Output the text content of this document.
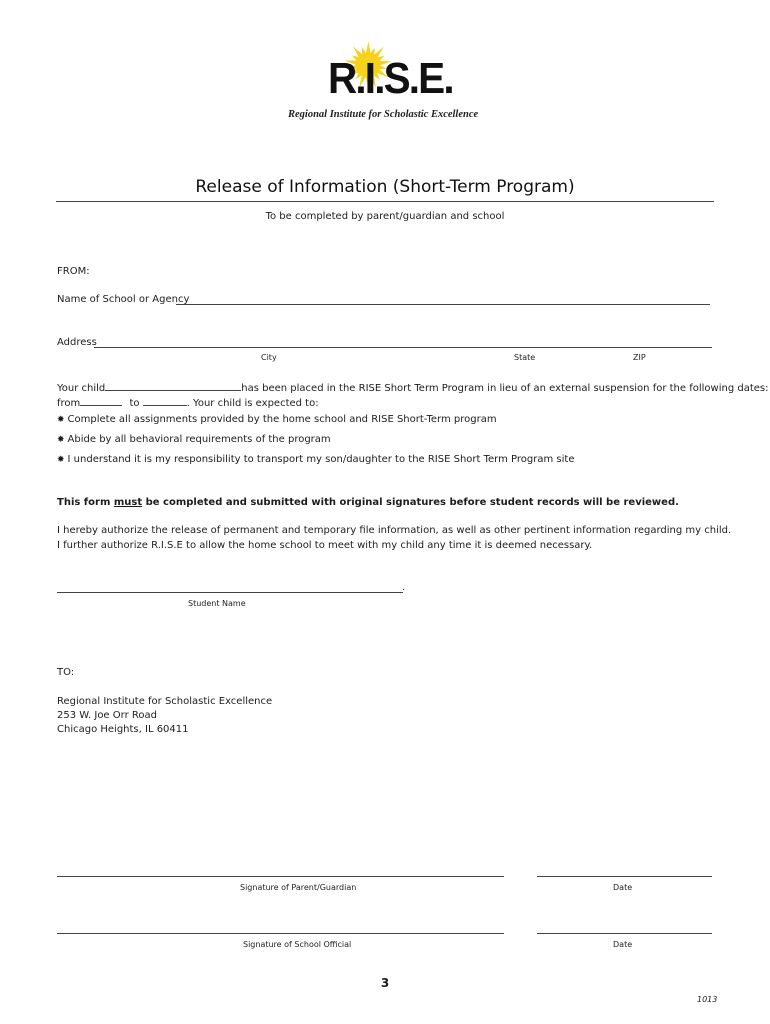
R.I.S.E.
Regional Institute for Scholastic Excellence
Release of Information (Short-Term Program)
To be completed by parent/guardian and school
FROM:
Name of School or Agency
Address
City	State	ZIP
Your child	has been placed in the RISE Short Term Program in lieu of an external suspension for the following dates:
from	to	. Your child is expected to:
✸ Complete all assignments provided by the home school and RISE Short-Term program
✸ Abide by all behavioral requirements of the program
✸ I understand it is my responsibility to transport my son/daughter to the RISE Short Term Program site
This form must be completed and submitted with original signatures before student records will be reviewed.
I hereby authorize the release of permanent and temporary file information, as well as other pertinent information regarding my child.
I further authorize R.I.S.E to allow the home school to meet with my child any time it is deemed necessary.
.
Student Name
TO:
Regional Institute for Scholastic Excellence
253 W. Joe Orr Road
Chicago Heights, IL 60411
Signature of Parent/Guardian	Date
Signature of School Official	Date
3
1013
